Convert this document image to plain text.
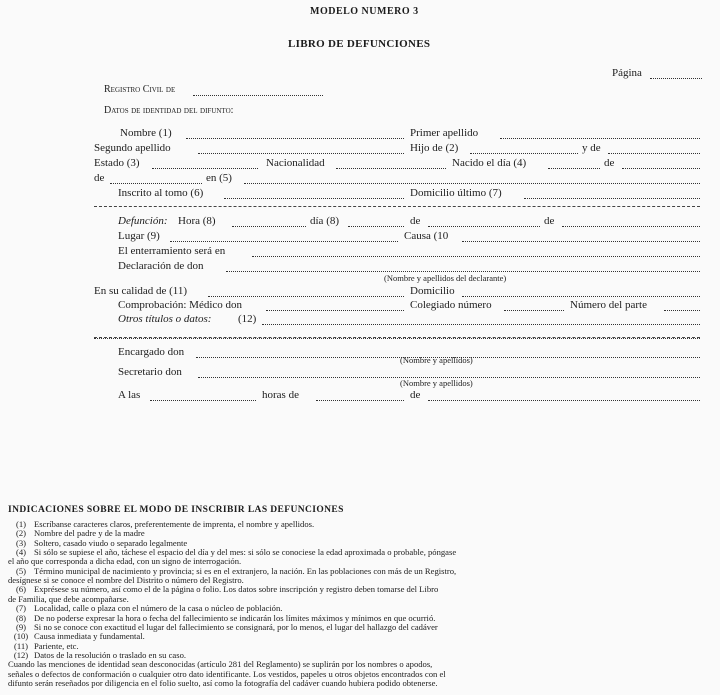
MODELO NUMERO 3
LIBRO DE DEFUNCIONES
Página
Registro Civil de
Datos de identidad del difunto:
Nombre (1)	Primer apellido
Segundo apellido	Hijo de (2)	y de
Estado (3)	Nacionalidad	Nacido el día (4)	de
de	en (5)
Inscrito al tomo (6)	Domicilio último (7)
Defunción: Hora (8)	día (8)	de	de
Lugar (9)	Causa (10
El enterramiento será en
Declaración de don
(Nombre y apellidos del declarante)
En su calidad de (11)	Domicilio
Comprobación: Médico don	Colegiado número	Número del parte
Otros títulos o datos: (12)
Encargado don
(Nombre y apellidos)
Secretario don
(Nombre y apellidos)
A las	horas de	de
INDICACIONES SOBRE EL MODO DE INSCRIBIR LAS DEFUNCIONES
(1) Escríbanse caracteres claros, preferentemente de imprenta, el nombre y apellidos.
(2) Nombre del padre y de la madre
(3) Soltero, casado viudo o separado legalmente
(4) Si sólo se supiese el año, táchese el espacio del día y del mes: si sólo se conociese la edad aproximada o probable, póngase
el año que corresponda a dicha edad, con un signo de interrogación.
(5) Término municipal de nacimiento y provincia; si es en el extranjero, la nación. En las poblaciones con más de un Registro,
desígnese si se conoce el nombre del Distrito o número del Registro.
(6) Exprésese su número, así como el de la página o folio. Los datos sobre inscripción y registro deben tomarse del Libro
de Familia, que debe acompañarse.
(7) Localidad, calle o plaza con el número de la casa o núcleo de población.
(8) De no poderse expresar la hora o fecha del fallecimiento se indicarán los límites máximos y mínimos en que ocurrió.
(9) Si no se conoce con exactitud el lugar del fallecimiento se consignará, por lo menos, el lugar del hallazgo del cadáver
(10) Causa inmediata y fundamental.
(11) Pariente, etc.
(12) Datos de la resolución o traslado en su caso.
Cuando las menciones de identidad sean desconocidas (artículo 281 del Reglamento) se suplirán por los nombres o apodos,
señales o defectos de conformación o cualquier otro dato identificante. Los vestidos, papeles u otros objetos encontrados con el
difunto serán reseñados por diligencia en el folio suelto, así como la fotografía del cadáver cuando hubiera podido obtenerse.
